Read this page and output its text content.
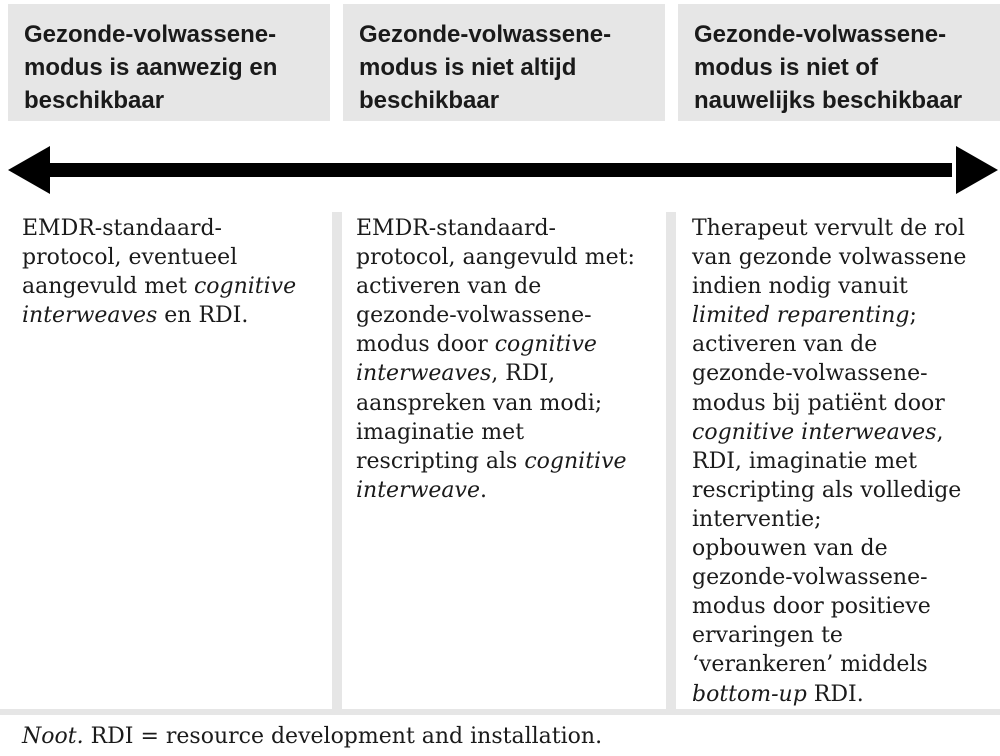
Gezonde-volwassene-
modus is aanwezig en
beschikbaar
Gezonde-volwassene-
modus is niet altijd
beschikbaar
Gezonde-volwassene-
modus is niet of
nauwelijks beschikbaar
EMDR-standaard-
protocol, eventueel
aangevuld met cognitive
interweaves en RDI.
EMDR-standaard-
protocol, aangevuld met:
activeren van de
gezonde-volwassene-
modus door cognitive
interweaves, RDI,
aanspreken van modi;
imaginatie met
rescripting als cognitive
interweave.
Therapeut vervult de rol
van gezonde volwassene
indien nodig vanuit
limited reparenting;
activeren van de
gezonde-volwassene-
modus bij patiënt door
cognitive interweaves,
RDI, imaginatie met
rescripting als volledige
interventie;
opbouwen van de
gezonde-volwassene-
modus door positieve
ervaringen te
‘verankeren’ middels
bottom-up RDI.
Noot. RDI = resource development and installation.
